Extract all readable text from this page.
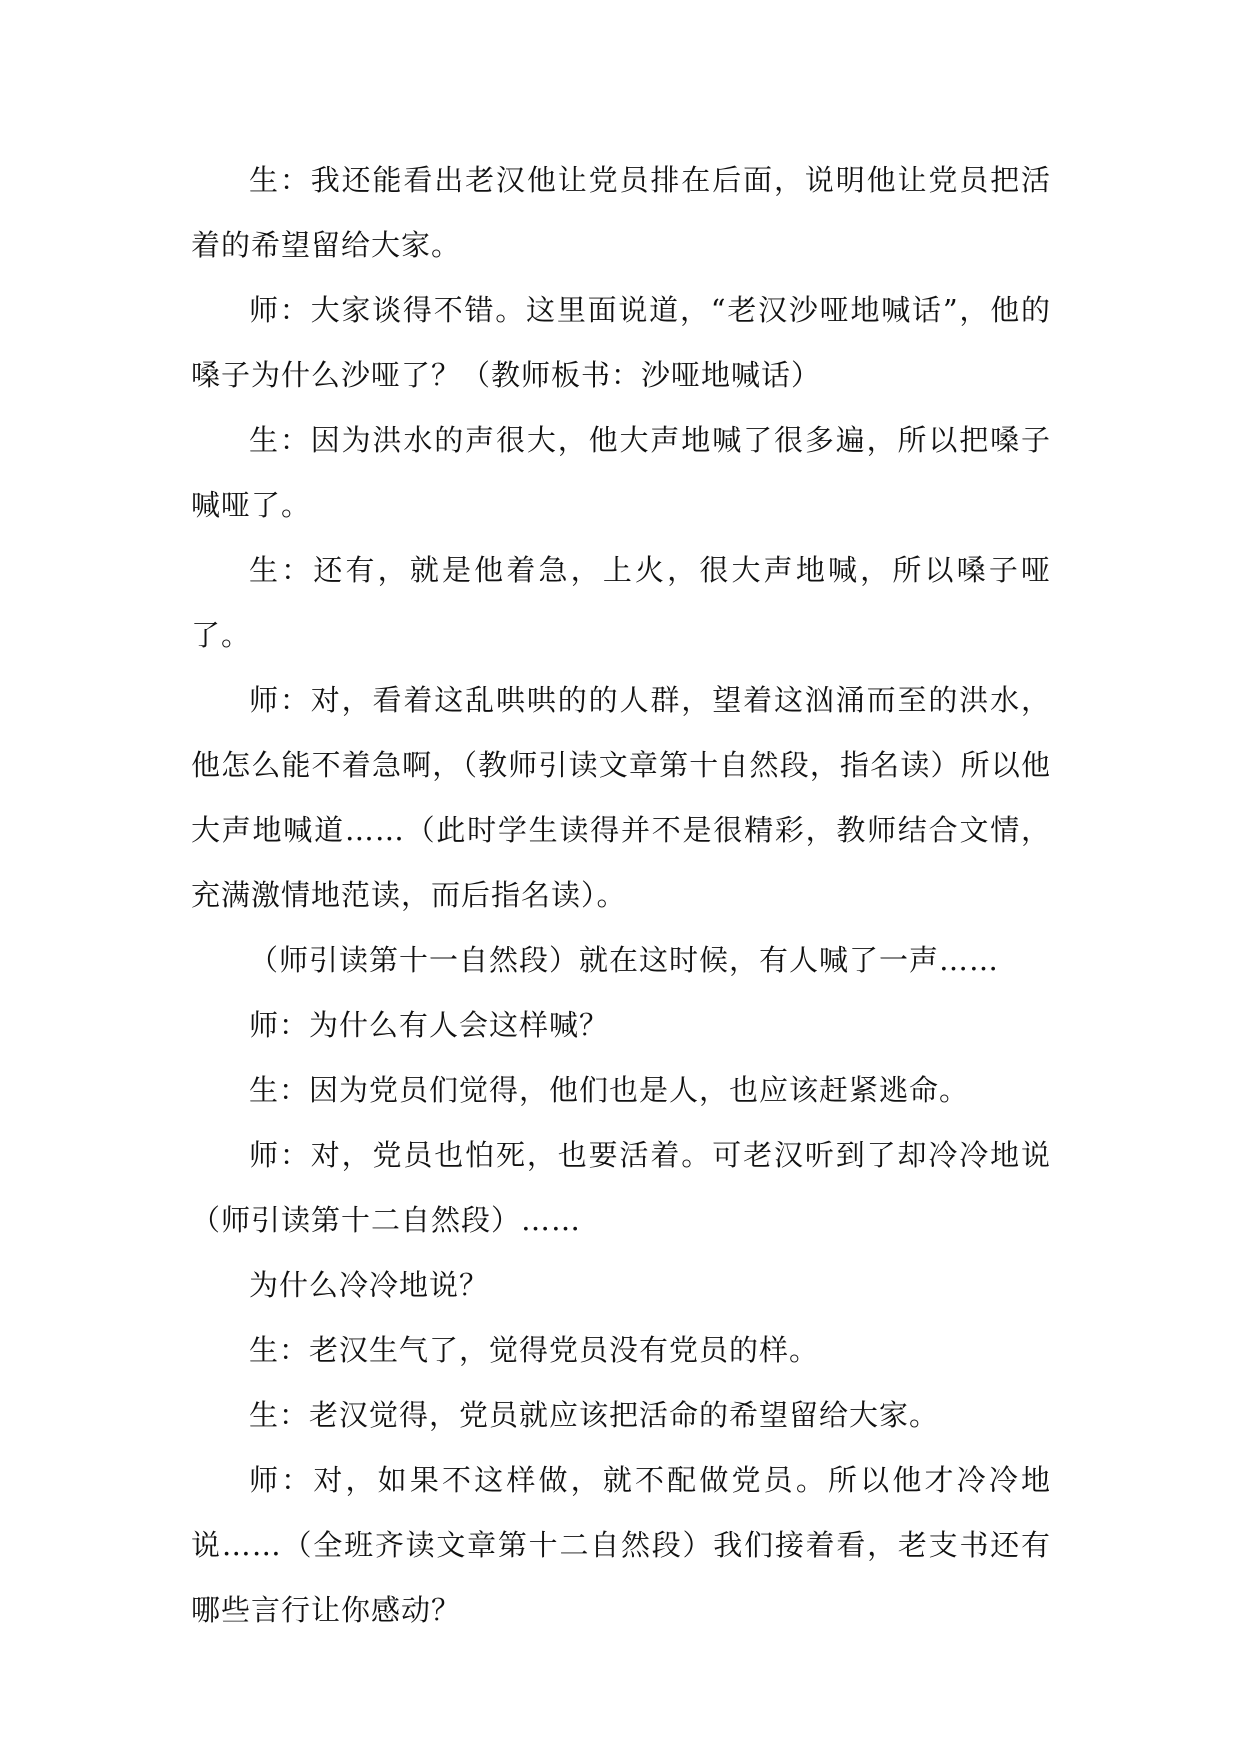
生：我还能看出老汉他让党员排在后面，说明他让党员把活着的希望留给大家。

师：大家谈得不错。这里面说道，“老汉沙哑地喊话”，他的嗓子为什么沙哑了？（教师板书：沙哑地喊话）

生：因为洪水的声很大，他大声地喊了很多遍，所以把嗓子喊哑了。

生：还有，就是他着急，上火，很大声地喊，所以嗓子哑了。

师：对，看着这乱哄哄的的人群，望着这汹涌而至的洪水，他怎么能不着急啊，（教师引读文章第十自然段，指名读）所以他大声地喊道……（此时学生读得并不是很精彩，教师结合文情，充满激情地范读，而后指名读）。

（师引读第十一自然段）就在这时候，有人喊了一声……

师：为什么有人会这样喊？

生：因为党员们觉得，他们也是人，也应该赶紧逃命。

师：对，党员也怕死，也要活着。可老汉听到了却冷冷地说（师引读第十二自然段）……

为什么冷冷地说？

生：老汉生气了，觉得党员没有党员的样。

生：老汉觉得，党员就应该把活命的希望留给大家。

师：对，如果不这样做，就不配做党员。所以他才冷冷地说……（全班齐读文章第十二自然段）我们接着看，老支书还有哪些言行让你感动？
